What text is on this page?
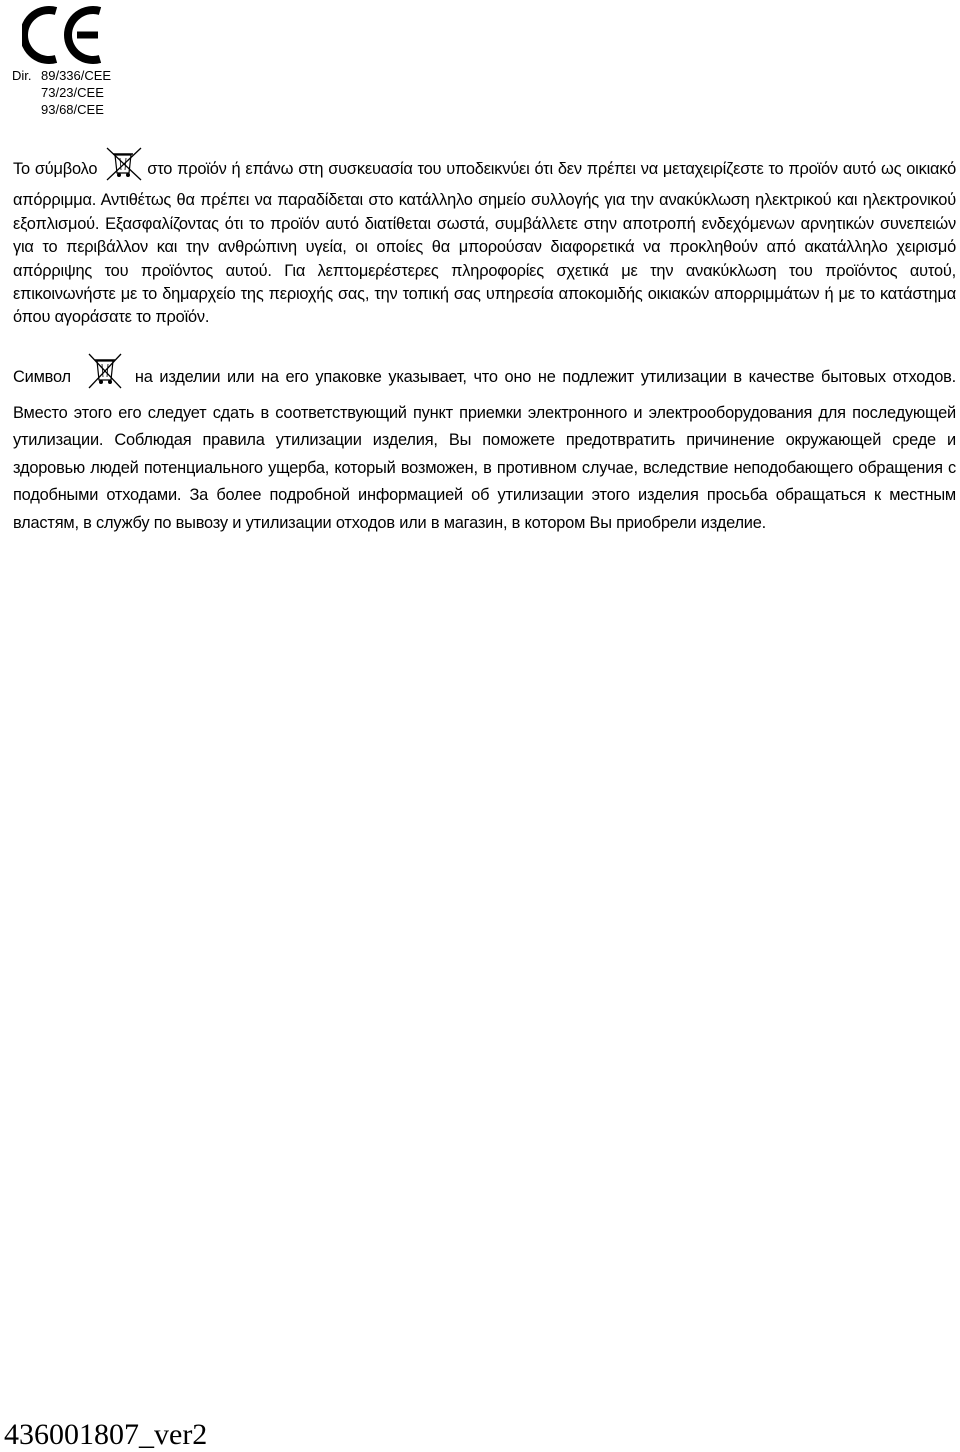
Dir. 89/336/CEE
73/23/CEE
93/68/CEE

Το σύμβολο	στο προϊόν ή επάνω στη συσκευασία του υποδεικνύει ότι δεν πρέπει να μεταχειρίζεστε το προϊόν αυτό ως οικιακό απόρριμμα. Αντιθέτως θα πρέπει να παραδίδεται στο κατάλληλο σημείο συλλογής για την ανακύκλωση ηλεκτρικού και ηλεκτρονικού εξοπλισμού. Εξασφαλίζοντας ότι το προϊόν αυτό διατίθεται σωστά, συμβάλλετε στην αποτροπή ενδεχόμενων αρνητικών συνεπειών για το περιβάλλον και την ανθρώπινη υγεία, οι οποίες θα μπορούσαν διαφορετικά να προκληθούν από ακατάλληλο χειρισμό απόρριψης του προϊόντος αυτού. Για λεπτομερέστερες πληροφορίες σχετικά με την ανακύκλωση του προϊόντος αυτού, επικοινωνήστε με το δημαρχείο της περιοχής σας, την τοπική σας υπηρεσία αποκομιδής οικιακών απορριμμάτων ή με το κατάστημα όπου αγοράσατε το προϊόν.

Символ	на изделии или на его упаковке указывает, что оно не подлежит утилизации в качестве бытовых отходов. Вместо этого его следует сдать в соответствующий пункт приемки электронного и электрооборудования для последующей утилизации. Соблюдая правила утилизации изделия, Вы поможете предотвратить причинение окружающей среде и здоровью людей потенциального ущерба, который возможен, в противном случае, вследствие неподобающего обращения с подобными отходами. За более подробной информацией об утилизации этого изделия просьба обращаться к местным властям, в службу по вывозу и утилизации отходов или в магазин, в котором Вы приобрели изделие.

436001807_ver2
